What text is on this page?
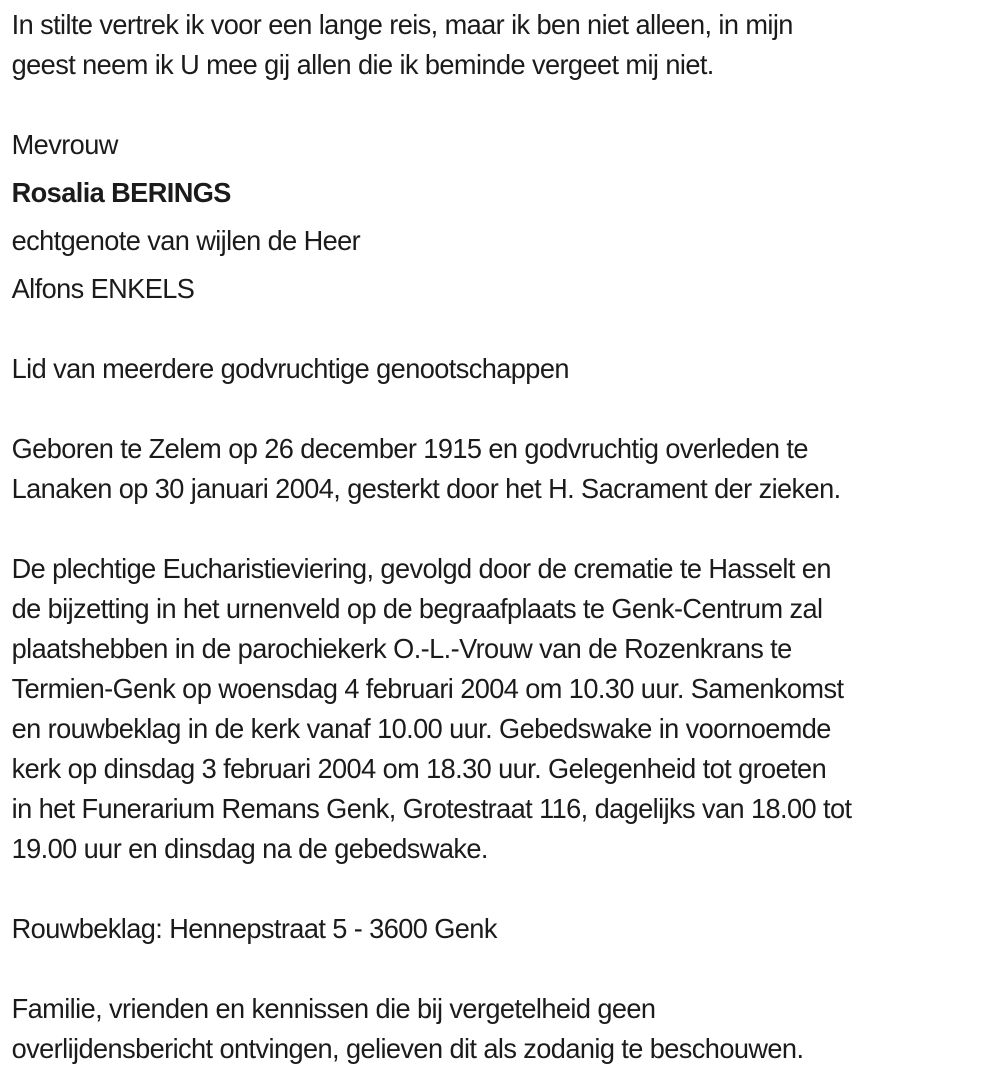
In stilte vertrek ik voor een lange reis, maar ik ben niet alleen, in mijn
geest neem ik U mee gij allen die ik beminde vergeet mij niet.

Mevrouw

Rosalia BERINGS

echtgenote van wijlen de Heer

Alfons ENKELS

Lid van meerdere godvruchtige genootschappen

Geboren te Zelem op 26 december 1915 en godvruchtig overleden te
Lanaken op 30 januari 2004, gesterkt door het H. Sacrament der zieken.

De plechtige Eucharistieviering, gevolgd door de crematie te Hasselt en
de bijzetting in het urnenveld op de begraafplaats te Genk-Centrum zal
plaatshebben in de parochiekerk O.-L.-Vrouw van de Rozenkrans te
Termien-Genk op woensdag 4 februari 2004 om 10.30 uur. Samenkomst
en rouwbeklag in de kerk vanaf 10.00 uur. Gebedswake in voornoemde
kerk op dinsdag 3 februari 2004 om 18.30 uur. Gelegenheid tot groeten
in het Funerarium Remans Genk, Grotestraat 116, dagelijks van 18.00 tot
19.00 uur en dinsdag na de gebedswake.

Rouwbeklag: Hennepstraat 5 - 3600 Genk

Familie, vrienden en kennissen die bij vergetelheid geen
overlijdensbericht ontvingen, gelieven dit als zodanig te beschouwen.
